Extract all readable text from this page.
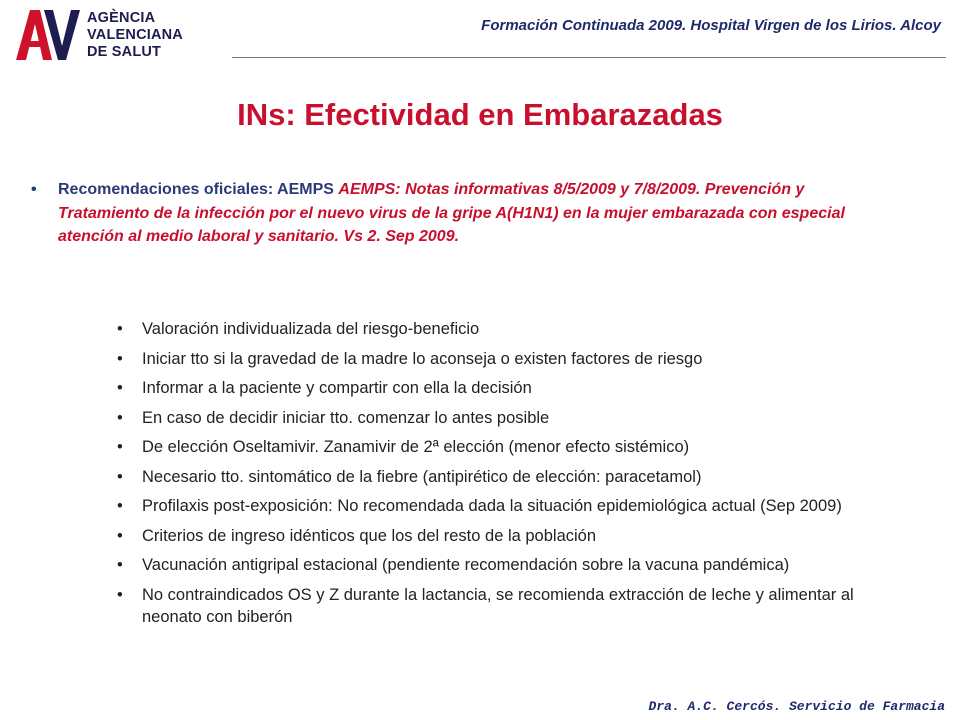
AGÈNCIA
VALENCIANA
DE SALUT
Formación Continuada 2009. Hospital Virgen de los Lirios. Alcoy
INs: Efectividad en Embarazadas
• Recomendaciones oficiales: AEMPS AEMPS: Notas informativas 8/5/2009 y 7/8/2009. Prevención y Tratamiento de la infección por el nuevo virus de la gripe A(H1N1) en la mujer embarazada con especial atención al medio laboral y sanitario. Vs 2. Sep 2009.
• Valoración individualizada del riesgo-beneficio
• Iniciar tto si la gravedad de la madre lo aconseja o existen factores de riesgo
• Informar a la paciente y compartir con ella la decisión
• En caso de decidir iniciar tto. comenzar lo antes posible
• De elección Oseltamivir. Zanamivir de 2ª elección (menor efecto sistémico)
• Necesario tto. sintomático de la fiebre (antipirético de elección: paracetamol)
• Profilaxis post-exposición: No recomendada dada la situación epidemiológica actual (Sep 2009)
• Criterios de ingreso idénticos que los del resto de la población
• Vacunación antigripal estacional (pendiente recomendación sobre la vacuna pandémica)
• No contraindicados OS y Z durante la lactancia, se recomienda extracción de leche y alimentar al neonato con biberón
Dra. A.C. Cercós. Servicio de Farmacia
